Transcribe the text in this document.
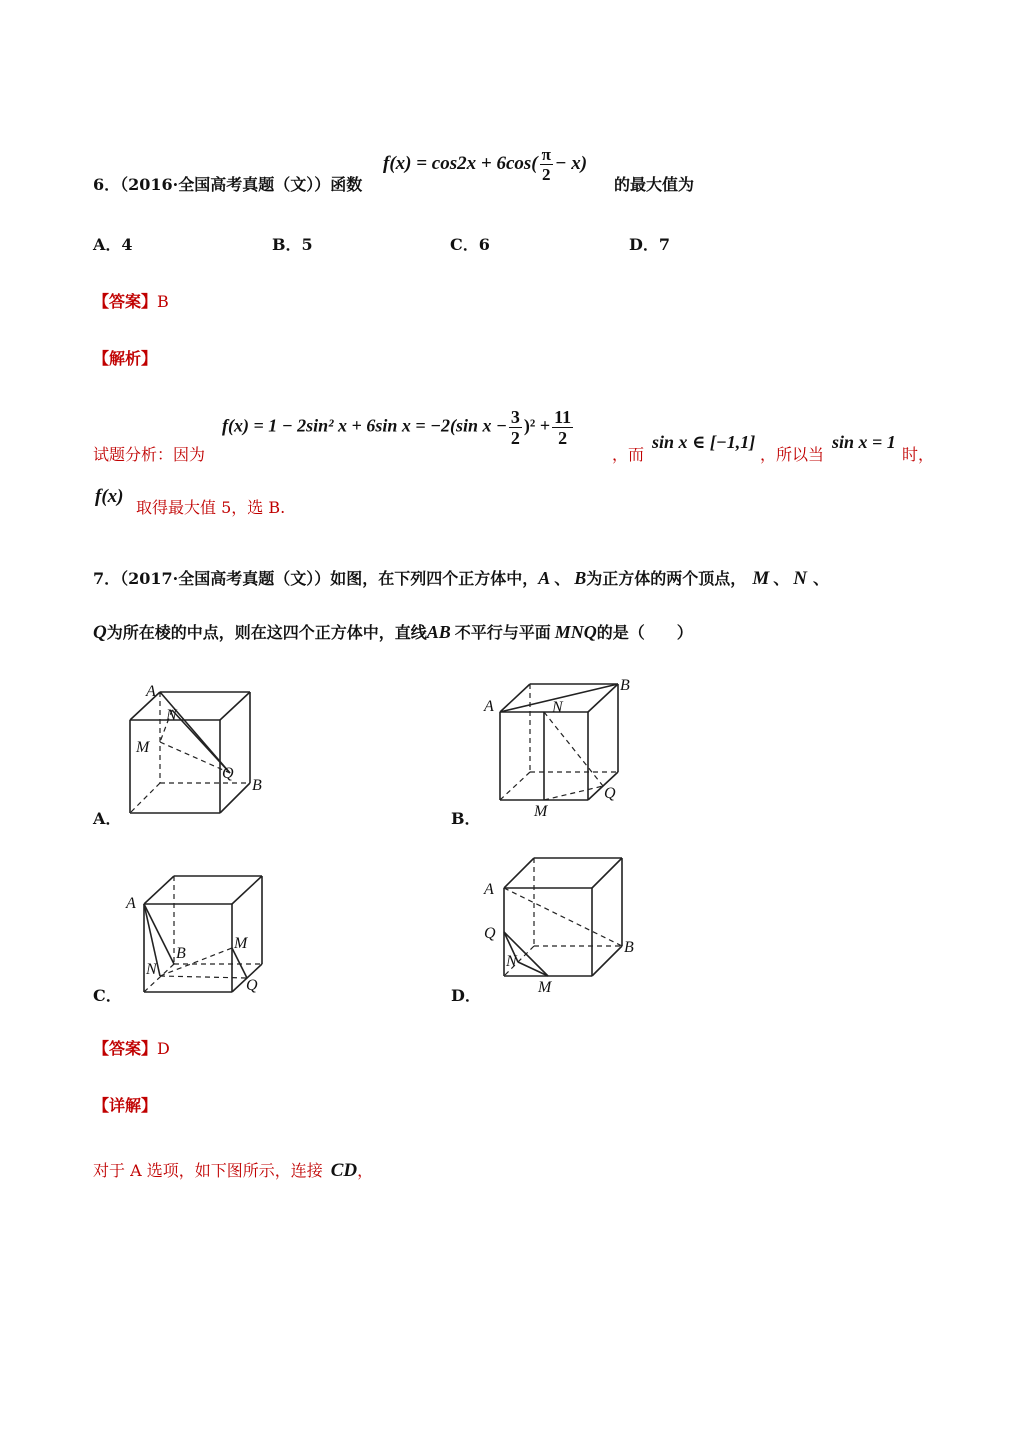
$f(x) = \cos 2x + 6\cos( \frac{\pi}{2} - x)$
6．（2016·全国高考真题（文））函数	的最大值为
A．4	B．5	C．6	D．7
【答案】B
【解析】
试题分析：因为
f(x) = 1 − 2sin² x + 6sin x = −2(sin $x - \frac{3}{2} )^2 + \frac{11}{2}$
，而
sin x ∈ [−1,1]
，所以当
sin x = 1
时，
f(x)
取得最大值 5，选 B.
7．（2017·全国高考真题（文））如图，在下列四个正方体中，A 、 B为正方体的两个顶点， M 、 N 、
Q为所在棱的中点，则在这四个正方体中，直线AB 不平行与平面 MNQ的是（　　）
A
N
M
Q
B
A．
A
B
N
Q
M
B．
A
B
N
M
Q
C．
A
B
Q
N
M
D．
【答案】D
【详解】
对于 A 选项，如下图所示，连接 CD，
